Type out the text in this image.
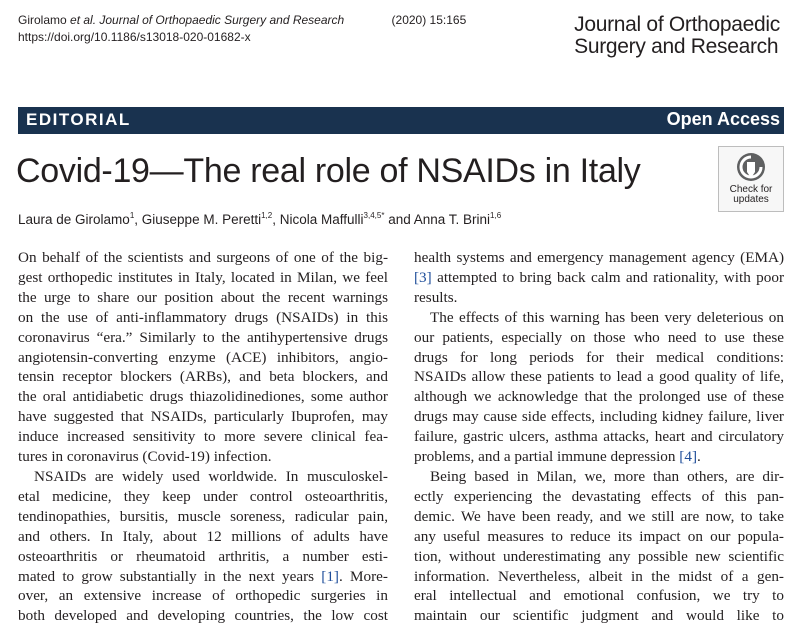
Girolamo et al. Journal of Orthopaedic Surgery and Research	(2020) 15:165
https://doi.org/10.1186/s13018-020-01682-x
Journal of Orthopaedic
Surgery and Research
EDITORIAL	Open Access
Covid-19—The real role of NSAIDs in Italy	Check for
updates
Laura de Girolamo$^1$, Giuseppe M. Peretti$^{1,2}$, Nicola Maffulli$^{3,4,5*}$ and Anna T. Brini$^{1,6}$
On behalf of the scientists and surgeons of one of the big-
gest orthopedic institutes in Italy, located in Milan, we feel
the urge to share our position about the recent warnings
on the use of anti-inflammatory drugs (NSAIDs) in this
coronavirus “era.” Similarly to the antihypertensive drugs
angiotensin-converting enzyme (ACE) inhibitors, angio-
tensin receptor blockers (ARBs), and beta blockers, and
the oral antidiabetic drugs thiazolidinediones, some author
have suggested that NSAIDs, particularly Ibuprofen, may
induce increased sensitivity to more severe clinical fea-
tures in coronavirus (Covid-19) infection.
NSAIDs are widely used worldwide. In musculoskel-
etal medicine, they keep under control osteoarthritis,
tendinopathies, bursitis, muscle soreness, radicular pain,
and others. In Italy, about 12 millions of adults have
osteoarthritis or rheumatoid arthritis, a number esti-
mated to grow substantially in the next years [1]. More-
over, an extensive increase of orthopedic surgeries in
both developed and developing countries, the low cost
health systems and emergency management agency (EMA)
[3] attempted to bring back calm and rationality, with poor
results.
The effects of this warning has been very deleterious on
our patients, especially on those who need to use these
drugs for long periods for their medical conditions:
NSAIDs allow these patients to lead a good quality of life,
although we acknowledge that the prolonged use of these
drugs may cause side effects, including kidney failure, liver
failure, gastric ulcers, asthma attacks, heart and circulatory
problems, and a partial immune depression [4].
Being based in Milan, we, more than others, are dir-
ectly experiencing the devastating effects of this pan-
demic. We have been ready, and we still are now, to take
any useful measures to reduce its impact on our popula-
tion, without underestimating any possible new scientific
information. Nevertheless, albeit in the midst of a gen-
eral intellectual and emotional confusion, we try to
maintain our scientific judgment and would like to
